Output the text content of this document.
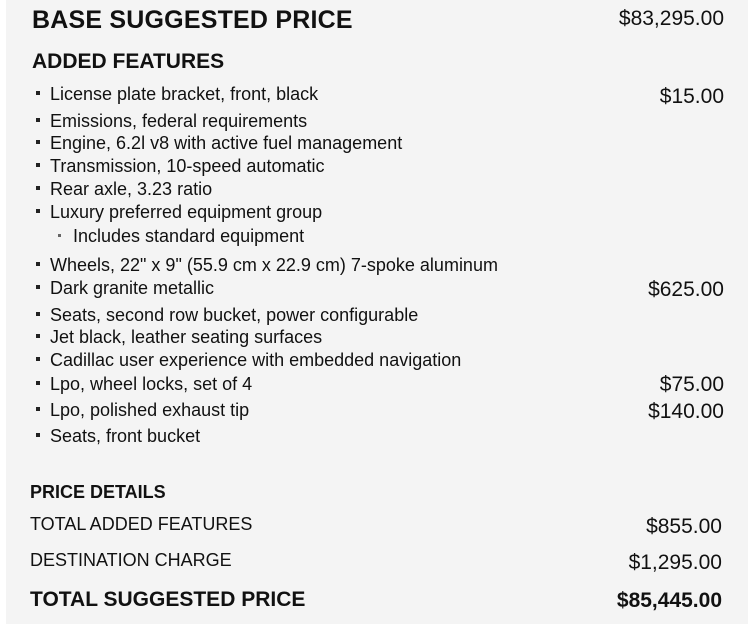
BASE SUGGESTED PRICE	$83,295.00
ADDED FEATURES
License plate bracket, front, black	$15.00
Emissions, federal requirements
Engine, 6.2l v8 with active fuel management
Transmission, 10-speed automatic
Rear axle, 3.23 ratio
Luxury preferred equipment group
Includes standard equipment
Wheels, 22" x 9" (55.9 cm x 22.9 cm) 7-spoke aluminum
Dark granite metallic	$625.00
Seats, second row bucket, power configurable
Jet black, leather seating surfaces
Cadillac user experience with embedded navigation
Lpo, wheel locks, set of 4	$75.00
Lpo, polished exhaust tip	$140.00
Seats, front bucket
PRICE DETAILS
TOTAL ADDED FEATURES	$855.00
DESTINATION CHARGE	$1,295.00
TOTAL SUGGESTED PRICE	$85,445.00
